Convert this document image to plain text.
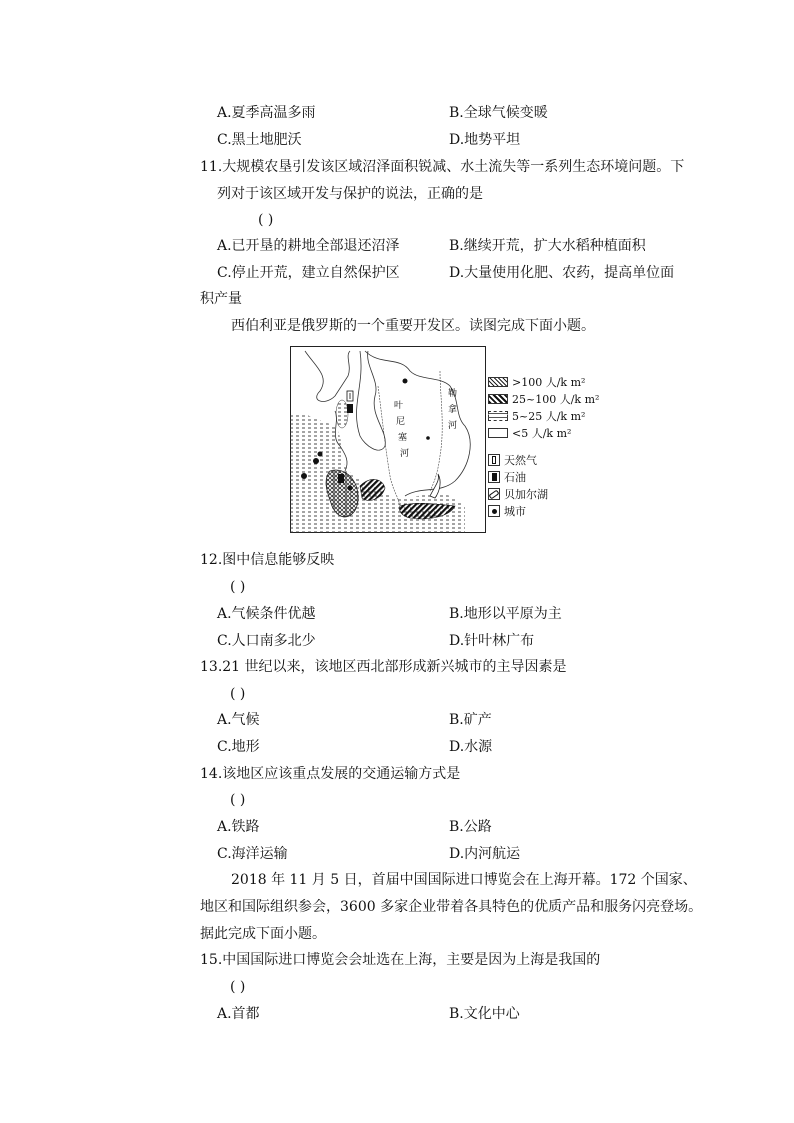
A.夏季高温多雨	B.全球气候变暖
C.黑土地肥沃	D.地势平坦
11.大规模农垦引发该区域沼泽面积锐减、水土流失等一系列生态环境问题。下
列对于该区域开发与保护的说法，正确的是
( )
A.已开垦的耕地全部退还沼泽	B.继续开荒，扩大水稻种植面积
C.停止开荒，建立自然保护区	D.大量使用化肥、农药，提高单位面
积产量
西伯利亚是俄罗斯的一个重要开发区。读图完成下面小题。
叶
尼
塞
河
勒
拿
河
>100 人/k m²
25~100 人/k m²
5~25 人/k m²
<5 人/k m²
天然气
石油
贝加尔湖
城市
12.图中信息能够反映
( )
A.气候条件优越	B.地形以平原为主
C.人口南多北少	D.针叶林广布
13.21 世纪以来，该地区西北部形成新兴城市的主导因素是
( )
A.气候	B.矿产
C.地形	D.水源
14.该地区应该重点发展的交通运输方式是
( )
A.铁路	B.公路
C.海洋运输	D.内河航运
2018 年 11 月 5 日，首届中国国际进口博览会在上海开幕。172 个国家、
地区和国际组织参会，3600 多家企业带着各具特色的优质产品和服务闪亮登场。
据此完成下面小题。
15.中国国际进口博览会会址选在上海，主要是因为上海是我国的
( )
A.首都	B.文化中心
